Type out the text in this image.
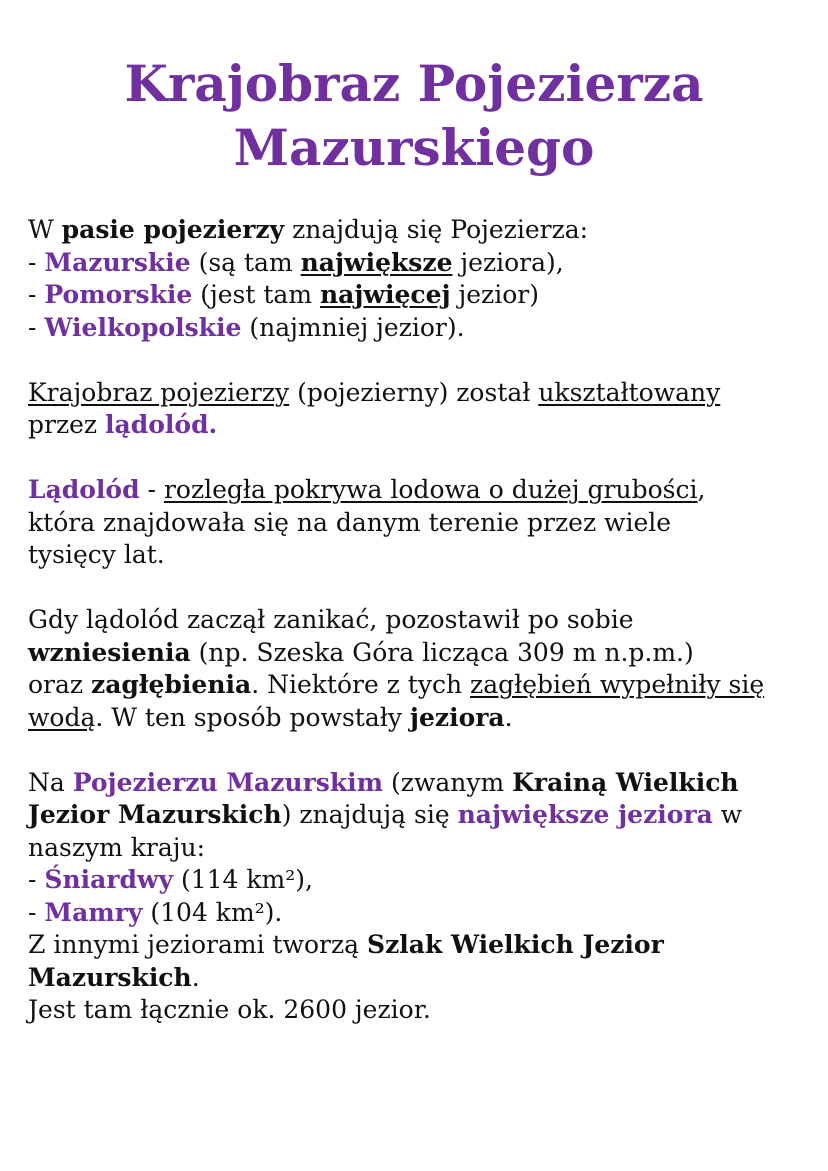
Krajobraz Pojezierza
Mazurskiego
W pasie pojezierzy znajdują się Pojezierza:
- Mazurskie (są tam największe jeziora),
- Pomorskie (jest tam najwięcej jezior)
- Wielkopolskie (najmniej jezior).
Krajobraz pojezierzy (pojezierny) został ukształtowany
przez lądolód.
Lądolód - rozległa pokrywa lodowa o dużej grubości,
która znajdowała się na danym terenie przez wiele
tysięcy lat.
Gdy lądolód zaczął zanikać, pozostawił po sobie
wzniesienia (np. Szeska Góra licząca 309 m n.p.m.)
oraz zagłębienia. Niektóre z tych zagłębień wypełniły się
wodą. W ten sposób powstały jeziora.
Na Pojezierzu Mazurskim (zwanym Krainą Wielkich
Jezior Mazurskich) znajdują się największe jeziora w
naszym kraju:
- Śniardwy (114 km²),
- Mamry (104 km²).
Z innymi jeziorami tworzą Szlak Wielkich Jezior
Mazurskich.
Jest tam łącznie ok. 2600 jezior.
